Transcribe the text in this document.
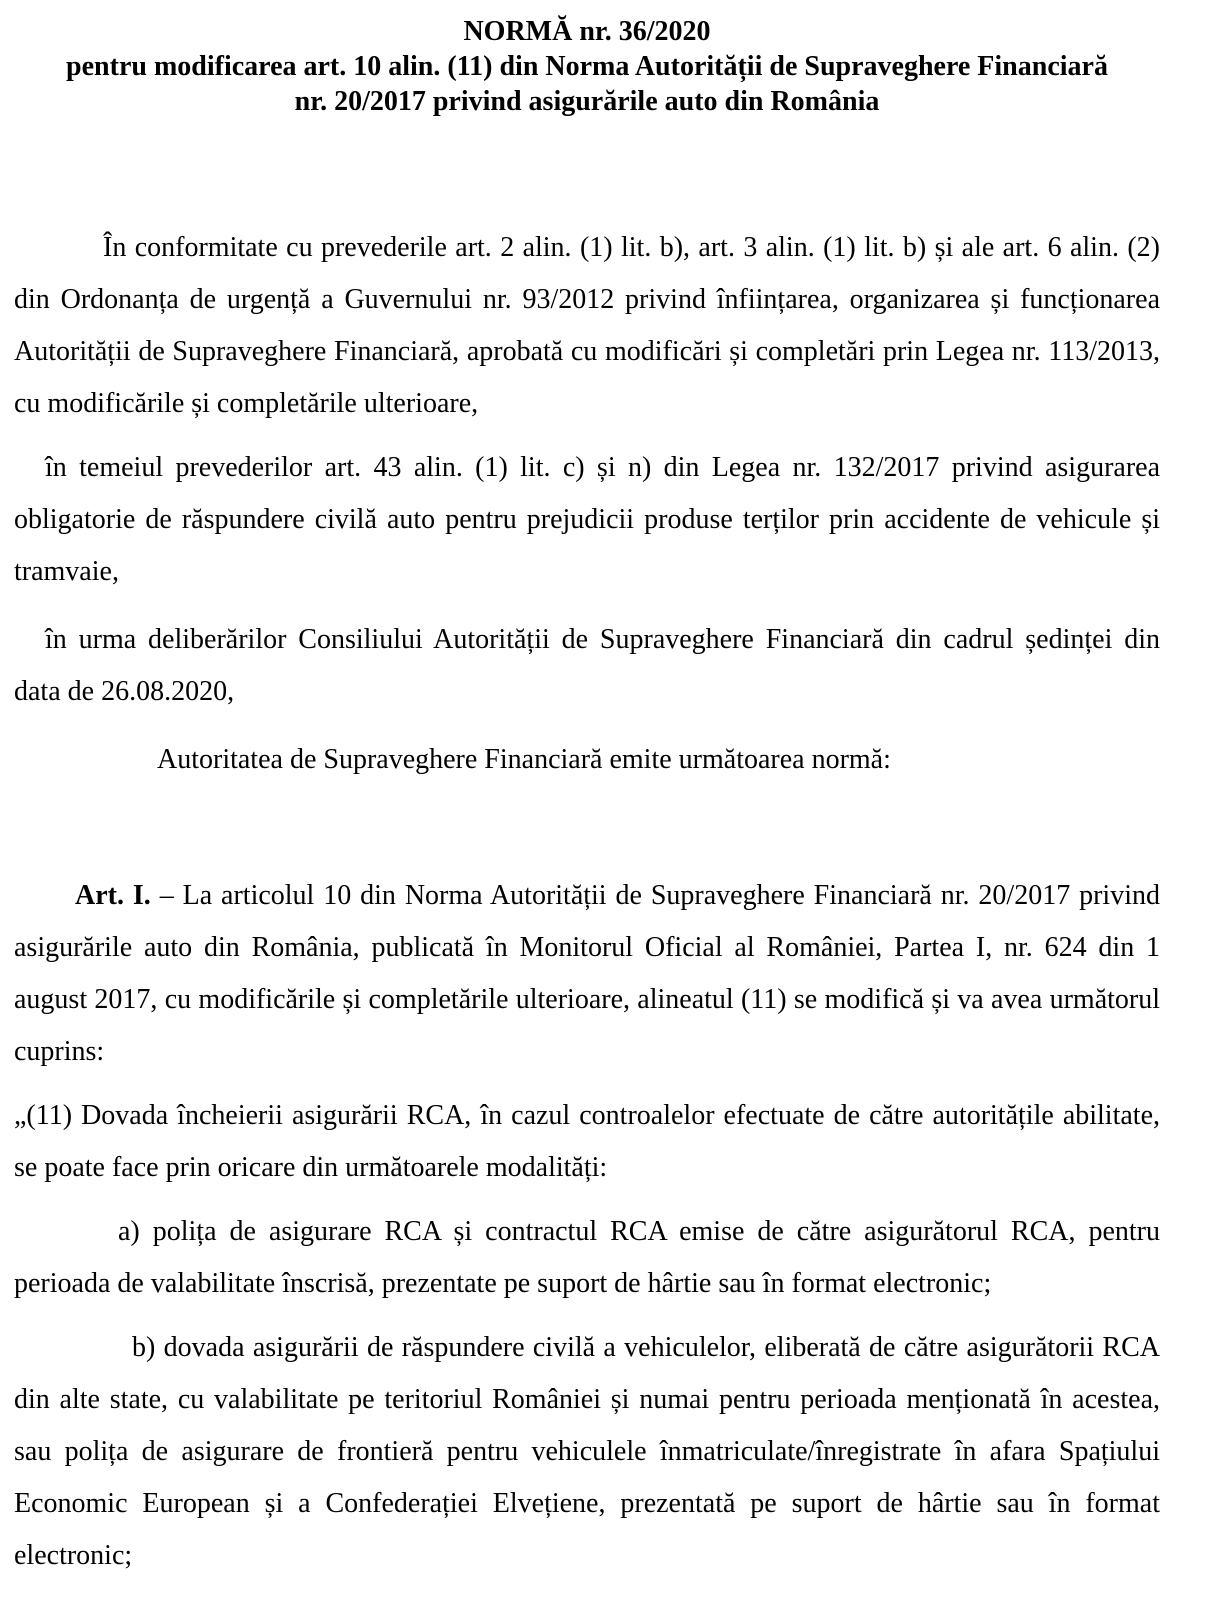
NORMĂ nr. 36/2020
pentru modificarea art. 10 alin. (11) din Norma Autorității de Supraveghere Financiară
nr. 20/2017 privind asigurările auto din România

În conformitate cu prevederile art. 2 alin. (1) lit. b), art. 3 alin. (1) lit. b) și ale art. 6 alin. (2) din Ordonanța de urgență a Guvernului nr. 93/2012 privind înființarea, organizarea și funcționarea Autorității de Supraveghere Financiară, aprobată cu modificări și completări prin Legea nr. 113/2013, cu modificările și completările ulterioare,

în temeiul prevederilor art. 43 alin. (1) lit. c) și n) din Legea nr. 132/2017 privind asigurarea obligatorie de răspundere civilă auto pentru prejudicii produse terților prin accidente de vehicule și tramvaie,

în urma deliberărilor Consiliului Autorității de Supraveghere Financiară din cadrul ședinței din data de 26.08.2020,

Autoritatea de Supraveghere Financiară emite următoarea normă:

Art. I. – La articolul 10 din Norma Autorității de Supraveghere Financiară nr. 20/2017 privind asigurările auto din România, publicată în Monitorul Oficial al României, Partea I, nr. 624 din 1 august 2017, cu modificările și completările ulterioare, alineatul (11) se modifică și va avea următorul cuprins:

„(11) Dovada încheierii asigurării RCA, în cazul controalelor efectuate de către autoritățile abilitate, se poate face prin oricare din următoarele modalități:

a) polița de asigurare RCA și contractul RCA emise de către asigurătorul RCA, pentru perioada de valabilitate înscrisă, prezentate pe suport de hârtie sau în format electronic;

b) dovada asigurării de răspundere civilă a vehiculelor, eliberată de către asigurătorii RCA din alte state, cu valabilitate pe teritoriul României și numai pentru perioada menționată în acestea, sau polița de asigurare de frontieră pentru vehiculele înmatriculate/înregistrate în afara Spațiului Economic European și a Confederației Elvețiene, prezentată pe suport de hârtie sau în format electronic;
